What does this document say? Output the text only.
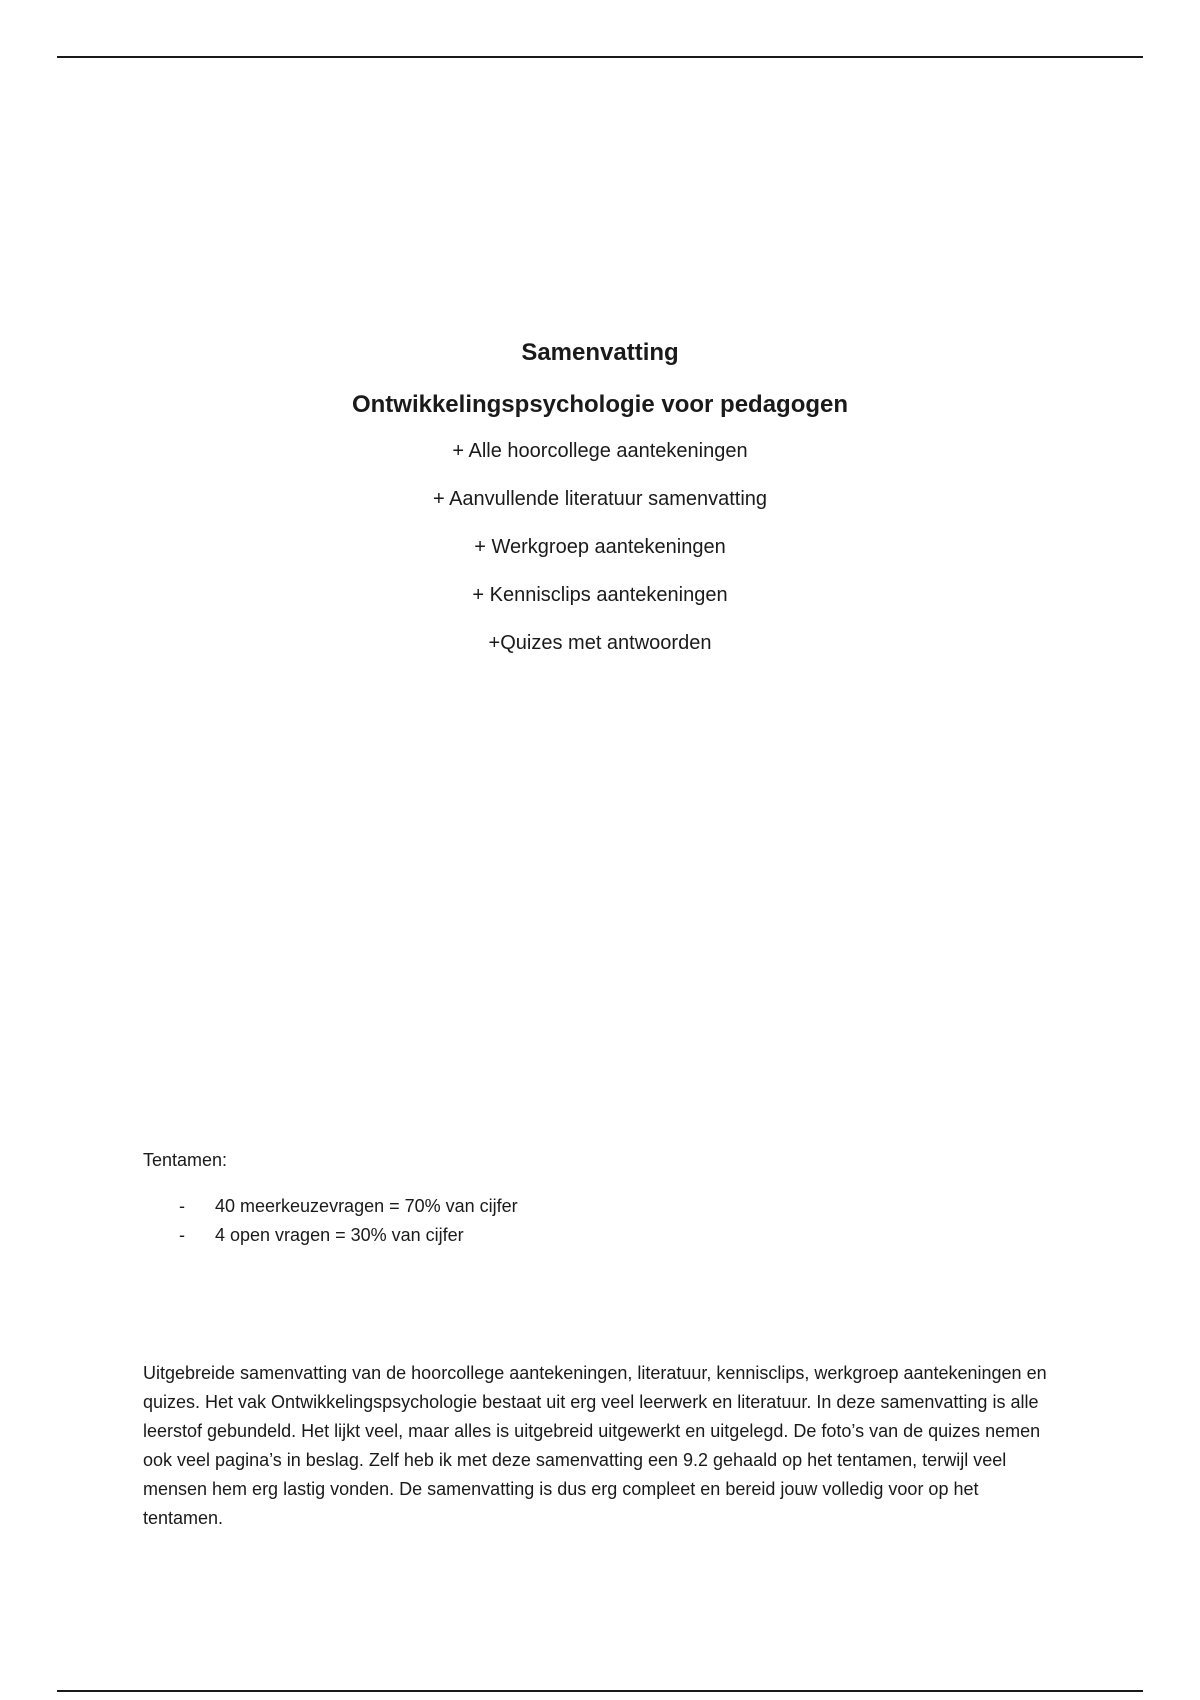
Samenvatting
Ontwikkelingspsychologie voor pedagogen
+ Alle hoorcollege aantekeningen
+ Aanvullende literatuur samenvatting
+ Werkgroep aantekeningen
+ Kennisclips aantekeningen
+Quizes met antwoorden

Tentamen:

- 40 meerkeuzevragen = 70% van cijfer
- 4 open vragen = 30% van cijfer

Uitgebreide samenvatting van de hoorcollege aantekeningen, literatuur, kennisclips, werkgroep aantekeningen en quizes. Het vak Ontwikkelingspsychologie bestaat uit erg veel leerwerk en literatuur. In deze samenvatting is alle leerstof gebundeld. Het lijkt veel, maar alles is uitgebreid uitgewerkt en uitgelegd. De foto’s van de quizes nemen ook veel pagina’s in beslag. Zelf heb ik met deze samenvatting een 9.2 gehaald op het tentamen, terwijl veel mensen hem erg lastig vonden. De samenvatting is dus erg compleet en bereid jouw volledig voor op het tentamen.
